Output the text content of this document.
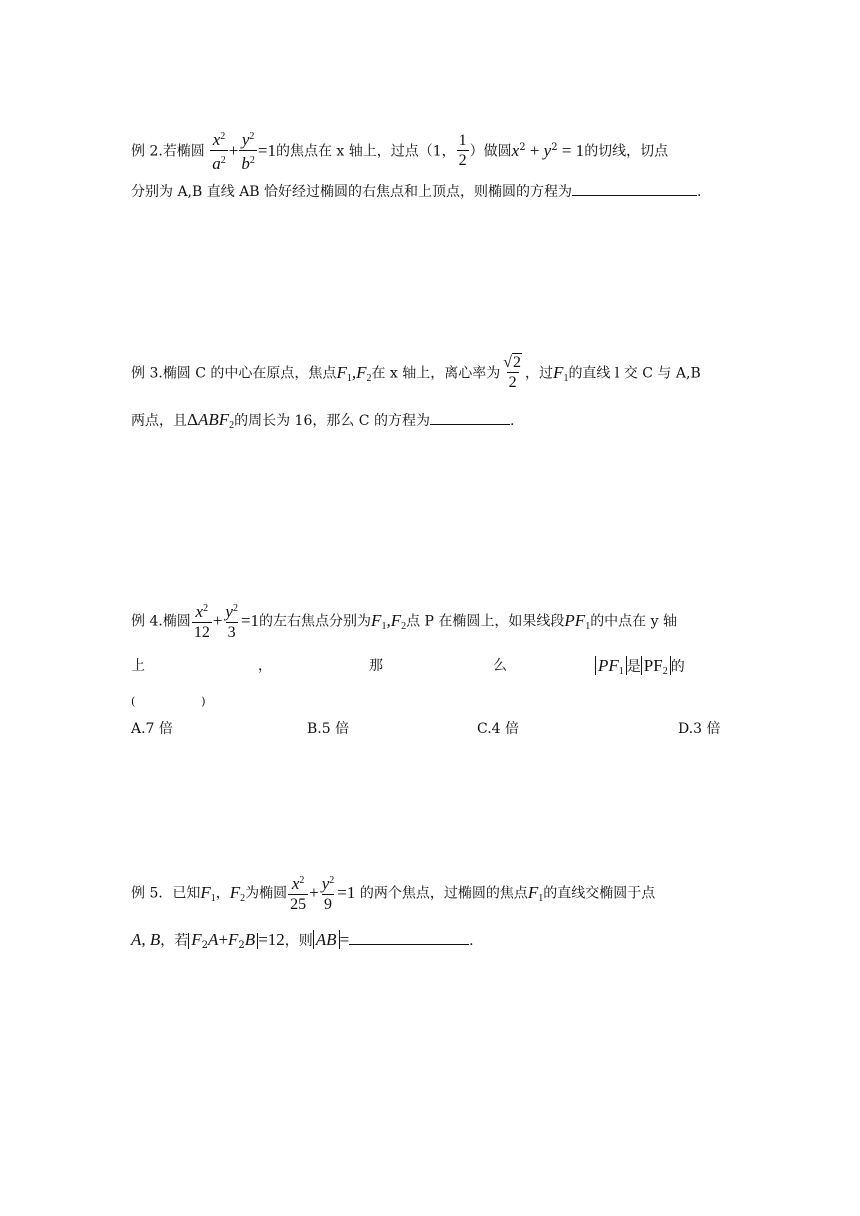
例 2.若椭圆 $\frac{x^2}{a^2} + \frac{y^2}{b^2} =1$的焦点在 x 轴上，过点（1， $\frac{1}{2}$ ）做圆$x^2 + y^2 = 1$的切线，切点
分别为 A,B 直线 AB 恰好经过椭圆的右焦点和上顶点，则椭圆的方程为	.
例 3.椭圆 C 的中心在原点，焦点$F_1,F_2$在 x 轴上，离心率为 $\frac{√2}{2}$ ，过$F_1$的直线 l 交 C 与 A,B
两点，且$\Delta ABF_2$的周长为 16，那么 C 的方程为	.
例 4.椭圆 $\frac{x^2}{12} + \frac{y^2}{3} =1$的左右焦点分别为$F_1,F_2$点 P 在椭圆上，如果线段$PF_1$的中点在 y 轴
上	，	那	么	$PF_1$ 是 $PF_2$ 的
(　　　　　　)
A.7 倍	B.5 倍	C.4 倍	D.3 倍
例 5．已知$F_1$，$F_2$为椭圆 $\frac{x^2}{25} + \frac{y^2}{9} =1$ 的两个焦点，过椭圆的焦点$F_1$的直线交椭圆于点
A, B，若 $F_2A+F_2B =12$，则 AB =	.
